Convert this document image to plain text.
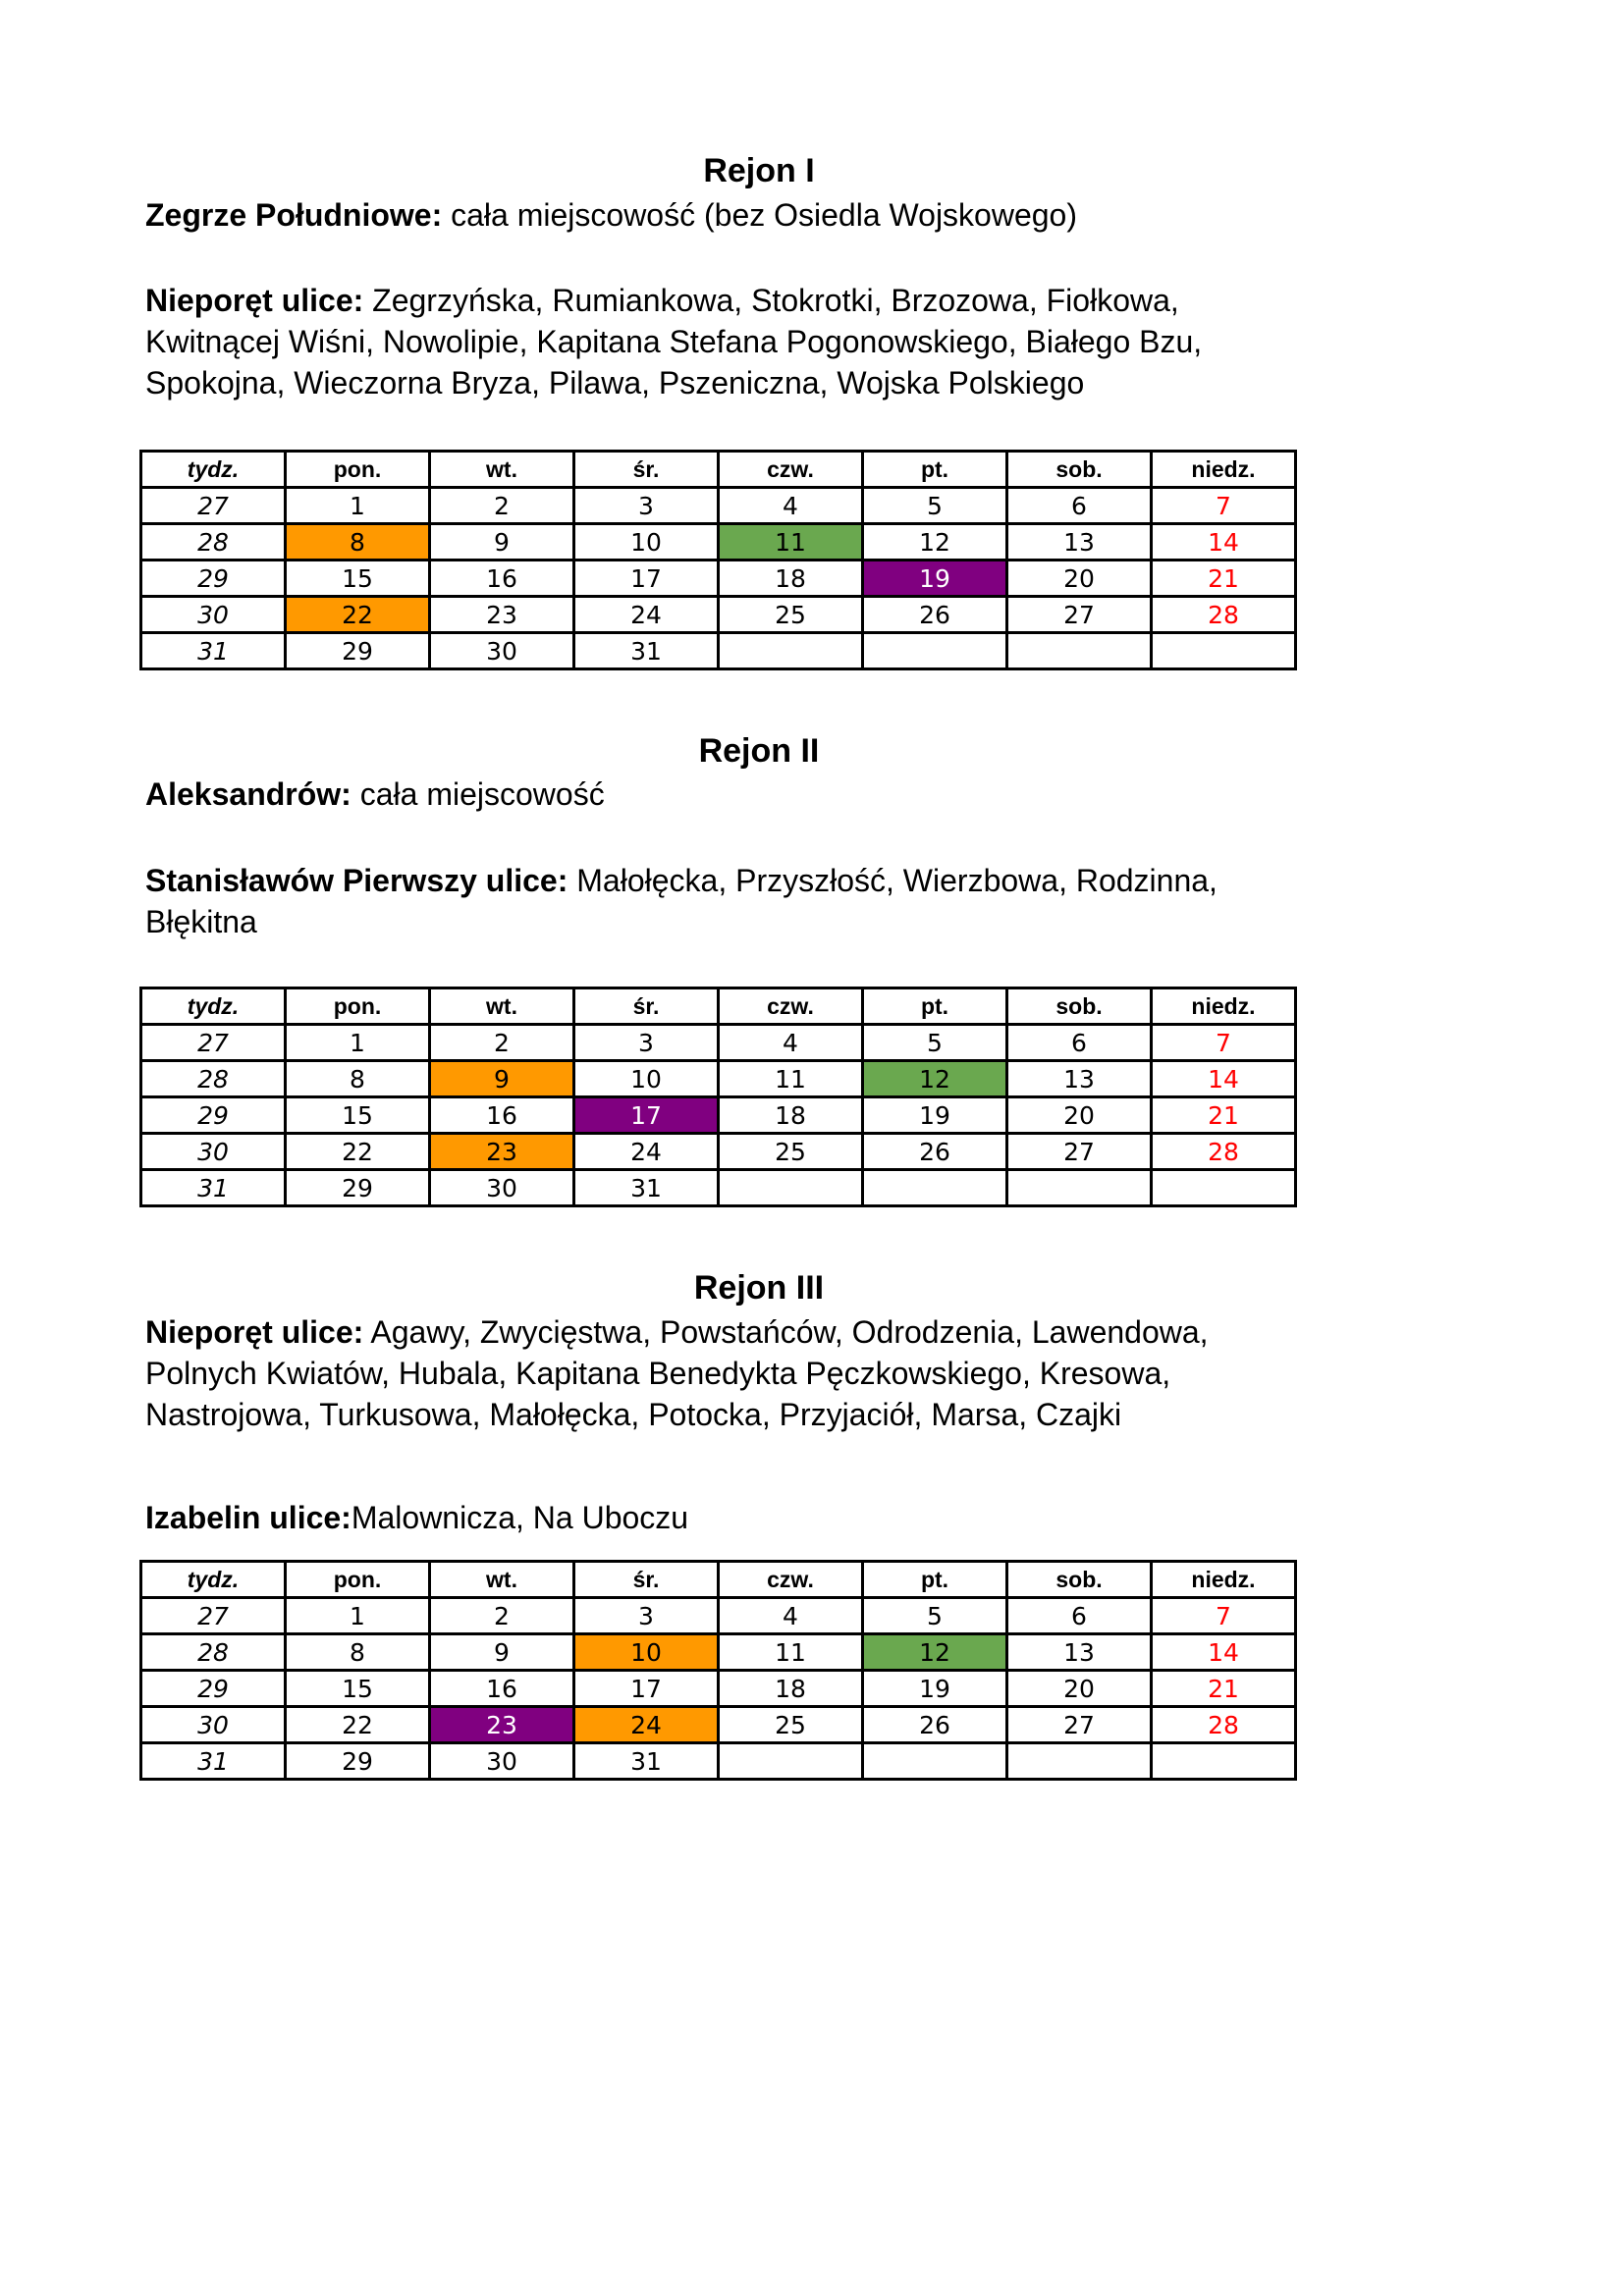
Rejon I

Zegrze Południowe: cała miejscowość (bez Osiedla Wojskowego)

Nieporęt ulice: Zegrzyńska, Rumiankowa, Stokrotki, Brzozowa, Fiołkowa, Kwitnącej Wiśni, Nowolipie, Kapitana Stefana Pogonowskiego, Białego Bzu, Spokojna, Wieczorna Bryza, Pilawa, Pszeniczna, Wojska Polskiego

tydz.	pon.	wt.	śr.	czw.	pt.	sob.	niedz.
27	1	2	3	4	5	6	7
28	8	9	10	11	12	13	14
29	15	16	17	18	19	20	21
30	22	23	24	25	26	27	28
31	29	30	31				
Rejon II

Aleksandrów: cała miejscowość

Stanisławów Pierwszy ulice: Małołęcka, Przyszłość, Wierzbowa, Rodzinna, Błękitna

tydz.	pon.	wt.	śr.	czw.	pt.	sob.	niedz.
27	1	2	3	4	5	6	7
28	8	9	10	11	12	13	14
29	15	16	17	18	19	20	21
30	22	23	24	25	26	27	28
31	29	30	31				
Rejon III

Nieporęt ulice: Agawy, Zwycięstwa, Powstańców, Odrodzenia, Lawendowa, Polnych Kwiatów, Hubala, Kapitana Benedykta Pęczkowskiego, Kresowa, Nastrojowa, Turkusowa, Małołęcka, Potocka, Przyjaciół, Marsa, Czajki

Izabelin ulice:Malownicza, Na Uboczu

tydz.	pon.	wt.	śr.	czw.	pt.	sob.	niedz.
27	1	2	3	4	5	6	7
28	8	9	10	11	12	13	14
29	15	16	17	18	19	20	21
30	22	23	24	25	26	27	28
31	29	30	31				
